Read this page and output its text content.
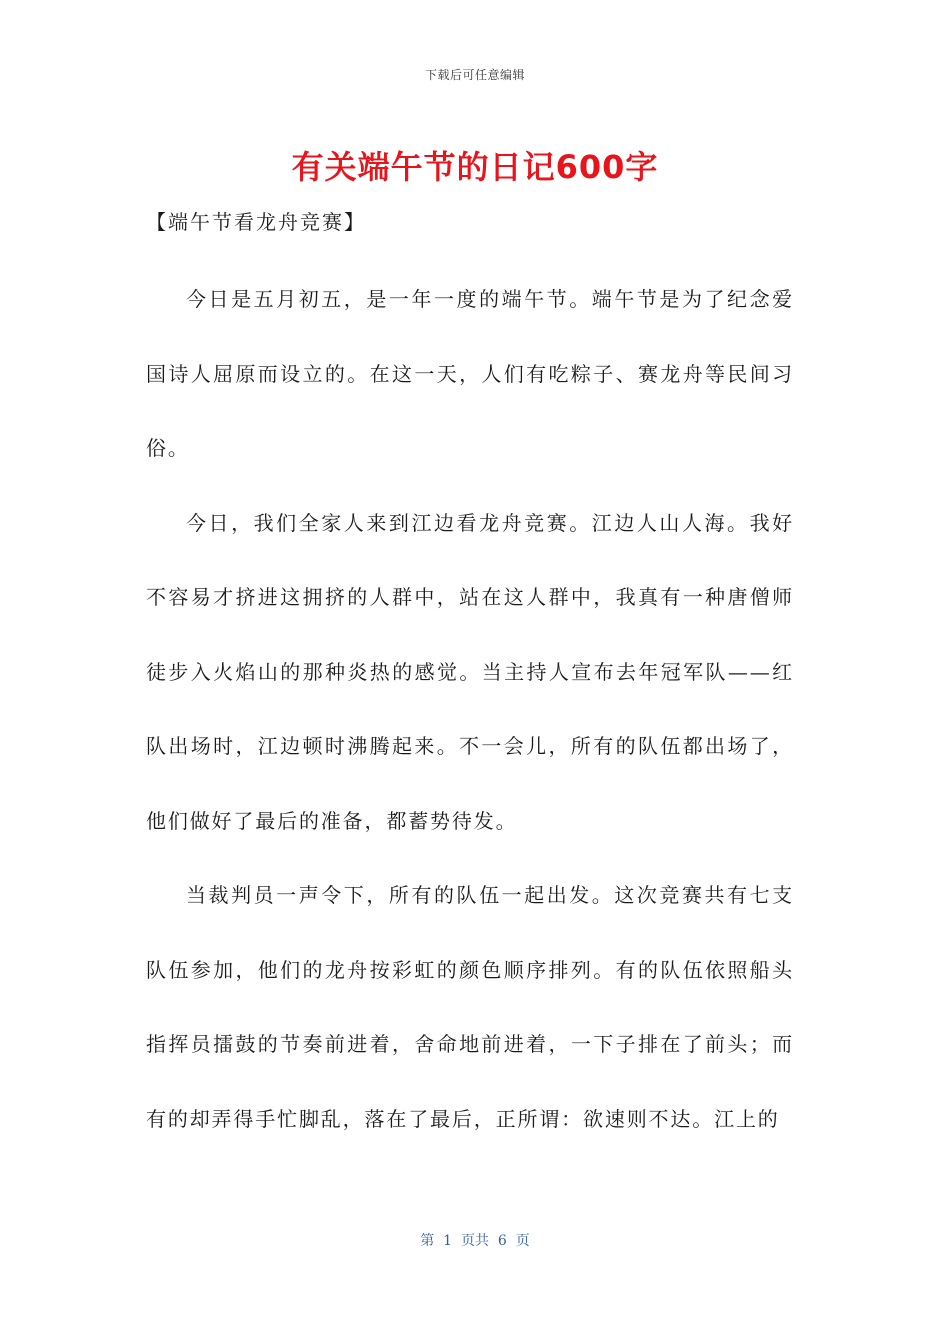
下载后可任意编辑
有关端午节的日记600字
【端午节看龙舟竞赛】

今日是五月初五，是一年一度的端午节。端午节是为了纪念爱国诗人屈原而设立的。在这一天，人们有吃粽子、赛龙舟等民间习俗。

今日，我们全家人来到江边看龙舟竞赛。江边人山人海。我好不容易才挤进这拥挤的人群中，站在这人群中，我真有一种唐僧师徒步入火焰山的那种炎热的感觉。当主持人宣布去年冠军队——红队出场时，江边顿时沸腾起来。不一会儿，所有的队伍都出场了，他们做好了最后的准备，都蓄势待发。

当裁判员一声令下，所有的队伍一起出发。这次竞赛共有七支队伍参加，他们的龙舟按彩虹的颜色顺序排列。有的队伍依照船头指挥员擂鼓的节奏前进着，舍命地前进着，一下子排在了前头；而有的却弄得手忙脚乱，落在了最后，正所谓：欲速则不达。江上的

第  1  页共  6  页
